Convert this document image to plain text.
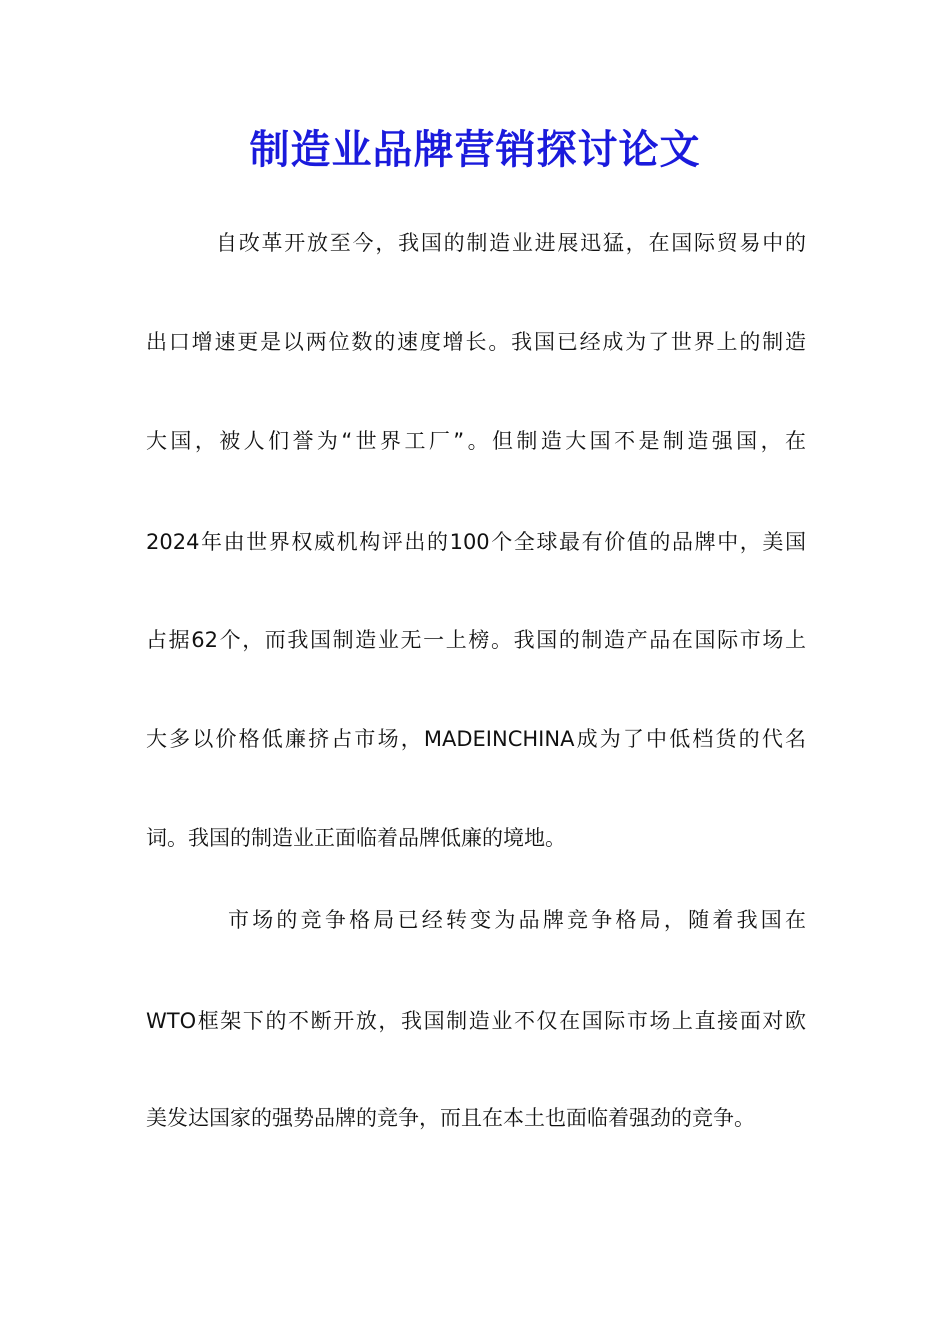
制造业品牌营销探讨论文

自改革开放至今，我国的制造业进展迅猛，在国际贸易中的

出口增速更是以两位数的速度增长。我国已经成为了世界上的制造

大国，被人们誉为“世界工厂”。但制造大国不是制造强国，在

2024年由世界权威机构评出的100个全球最有价值的品牌中，美国

占据62个，而我国制造业无一上榜。我国的制造产品在国际市场上

大多以价格低廉挤占市场，MADEINCHINA成为了中低档货的代名

词。我国的制造业正面临着品牌低廉的境地。

市场的竞争格局已经转变为品牌竞争格局，随着我国在

WTO框架下的不断开放，我国制造业不仅在国际市场上直接面对欧

美发达国家的强势品牌的竞争，而且在本土也面临着强劲的竞争。
